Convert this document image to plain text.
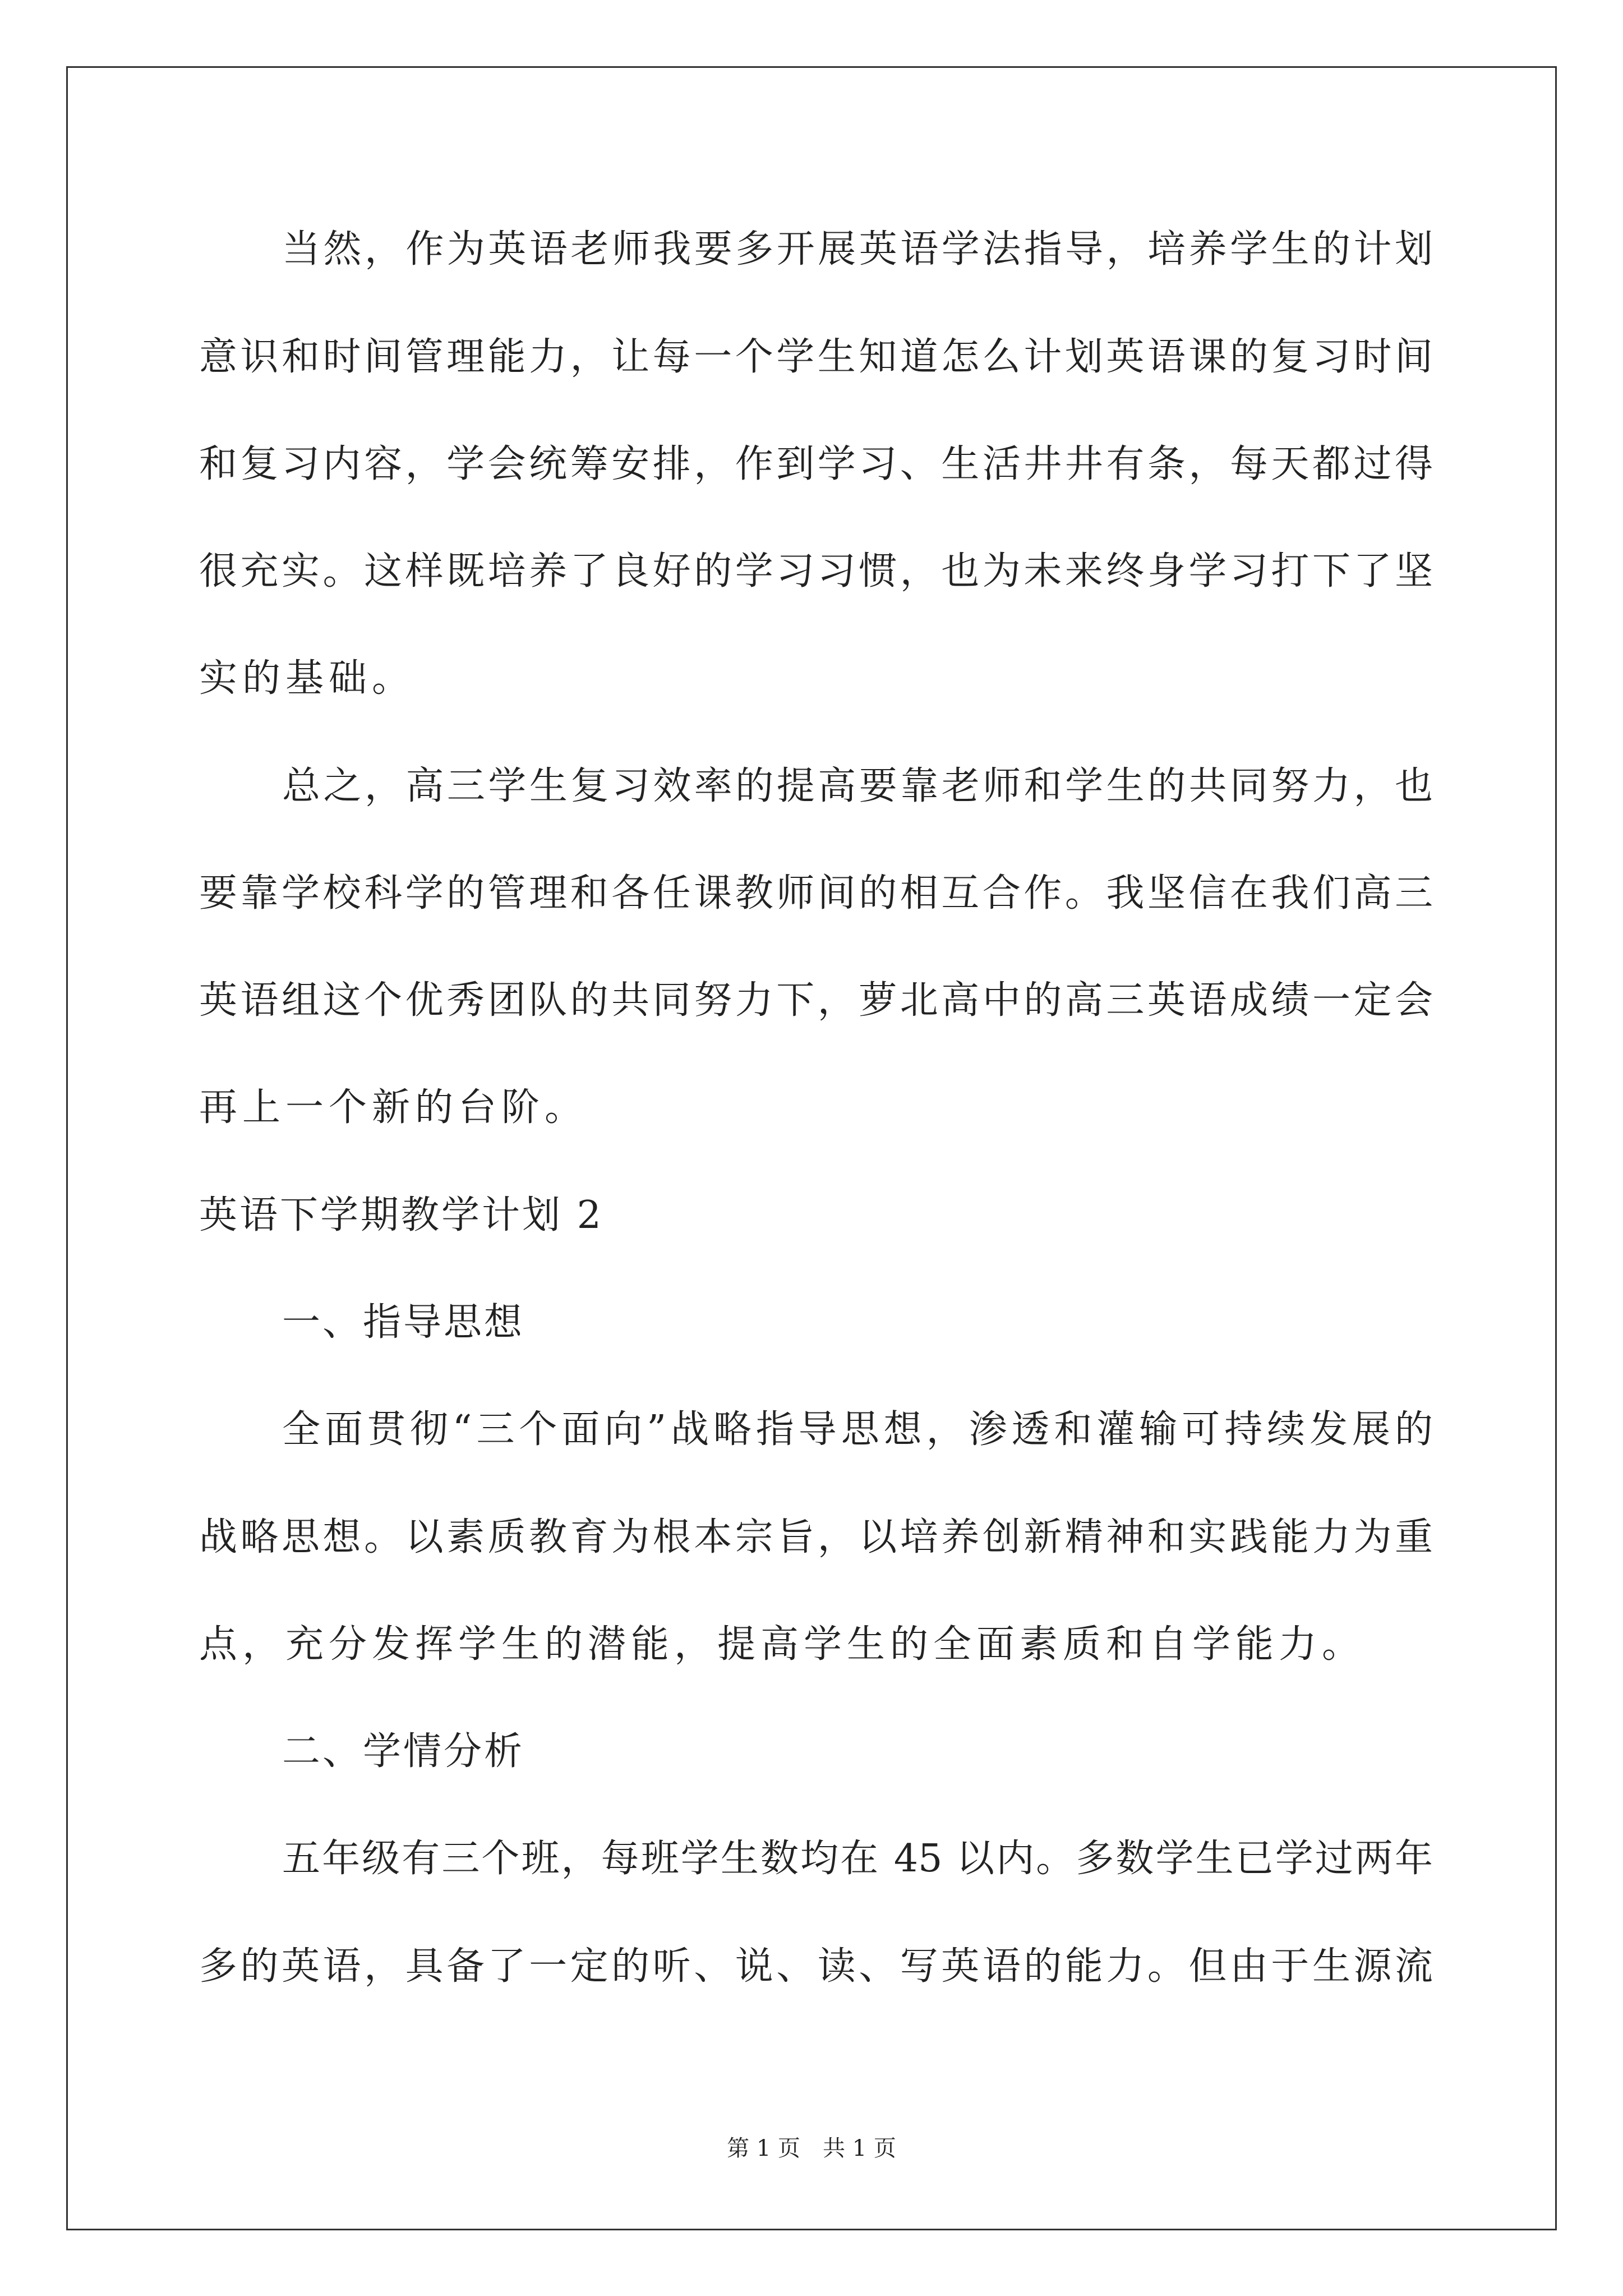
当然，作为英语老师我要多开展英语学法指导，培养学生的计划
意识和时间管理能力，让每一个学生知道怎么计划英语课的复习时间
和复习内容，学会统筹安排，作到学习、生活井井有条，每天都过得
很充实。这样既培养了良好的学习习惯，也为未来终身学习打下了坚
实的基础。
总之，高三学生复习效率的提高要靠老师和学生的共同努力，也
要靠学校科学的管理和各任课教师间的相互合作。我坚信在我们高三
英语组这个优秀团队的共同努力下，萝北高中的高三英语成绩一定会
再上一个新的台阶。
英语下学期教学计划 2
一、指导思想
全面贯彻“三个面向”战略指导思想，渗透和灌输可持续发展的
战略思想。以素质教育为根本宗旨，以培养创新精神和实践能力为重
点，充分发挥学生的潜能，提高学生的全面素质和自学能力。
二、学情分析
五年级有三个班，每班学生数均在 45 以内。多数学生已学过两年
多的英语，具备了一定的听、说、读、写英语的能力。但由于生源流
第 1 页　共 1 页
